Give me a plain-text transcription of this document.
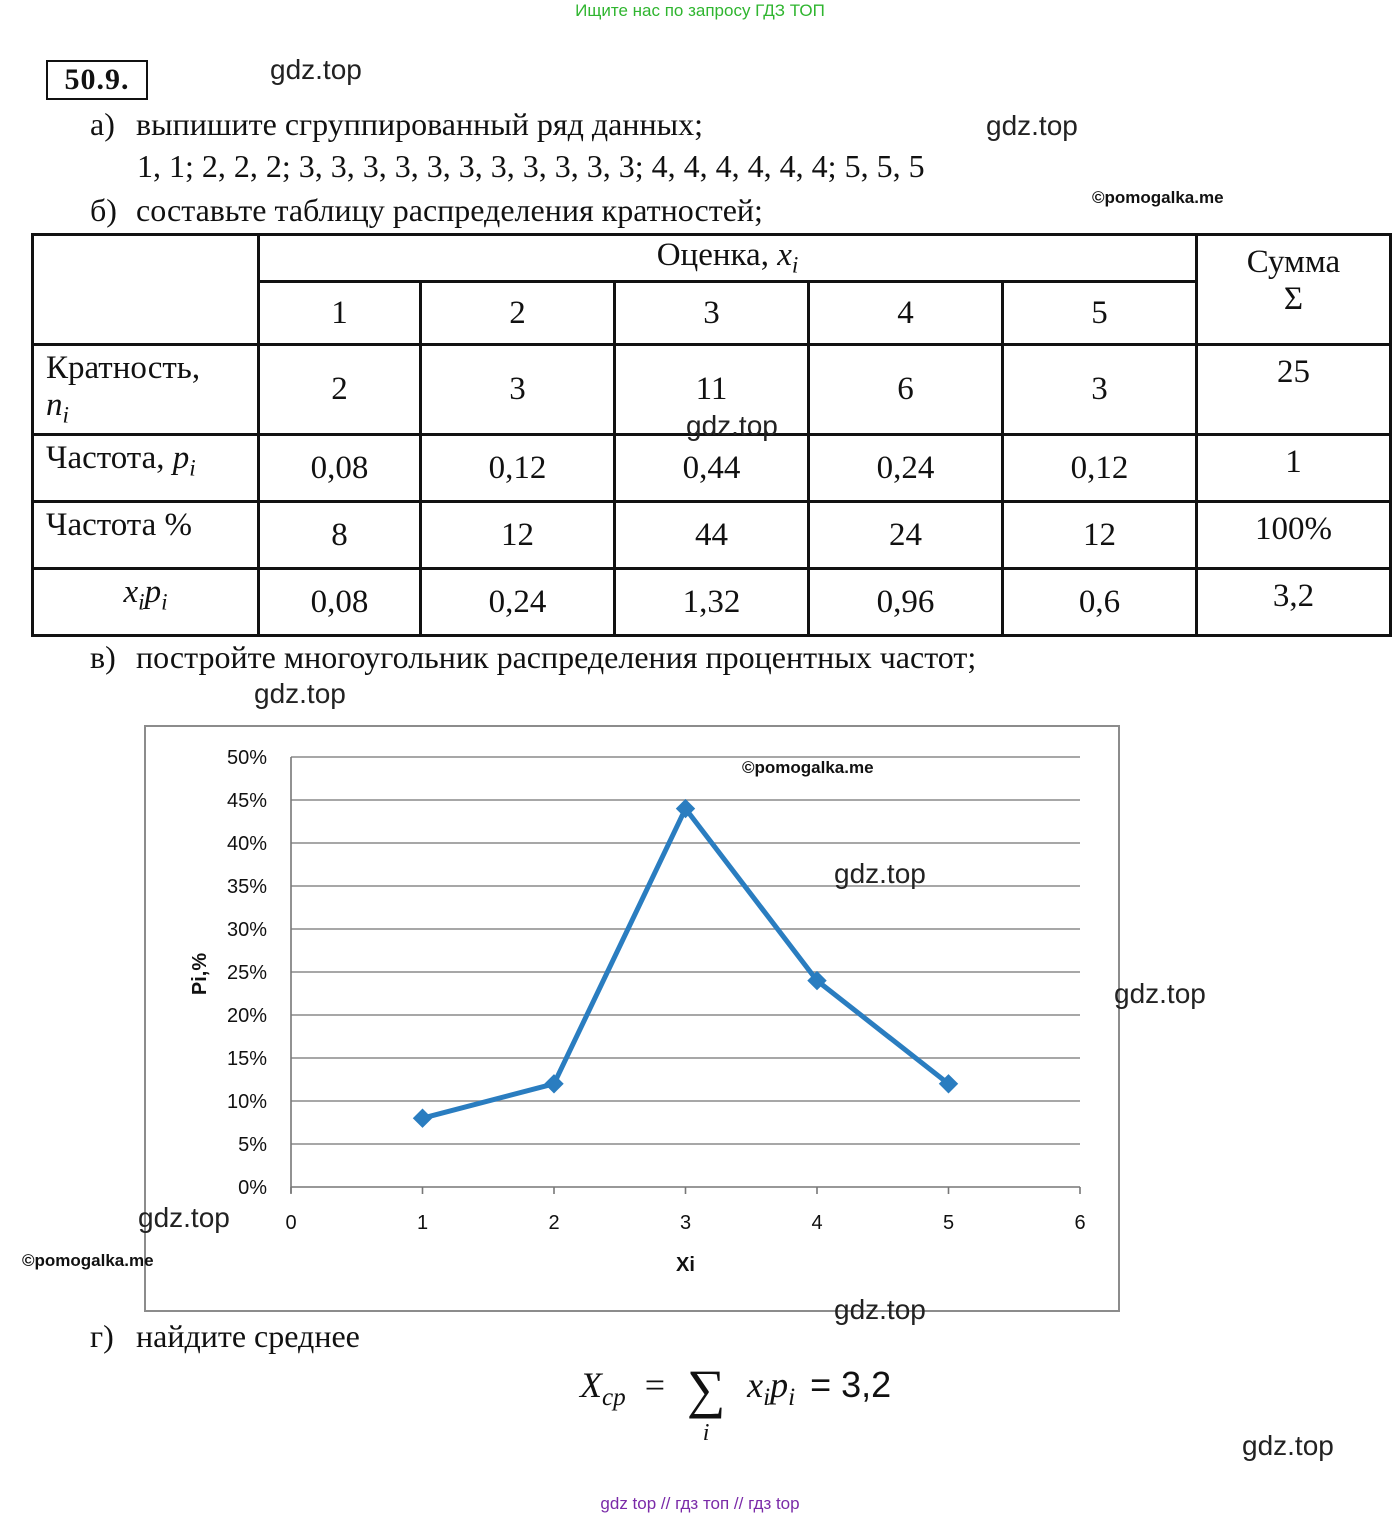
Ищите нас по запросу ГДЗ ТОП
50.9.	gdz.top
gdz.top
©pomogalka.me
а) выпишите сгруппированный ряд данных;
1, 1; 2, 2, 2; 3, 3, 3, 3, 3, 3, 3, 3, 3, 3, 3; 4, 4, 4, 4, 4, 4; 5, 5, 5
б) составьте таблицу распределения кратностей;
	Оценка, $x_i$					Сумма
Σ

	1	2	3	4	5	

Кратность,
$n_i$	2	3	11	6	3	25
Частота, $p_i$	0,08	0,12	0,44	0,24	0,12	1
Частота %	8	12	44	24	12	100%
$x_ip_i$	0,08	0,24	1,32	0,96	0,6	3,2
gdz.top
в) постройте многоугольник распределения процентных частот;
gdz.top
0%
5%
10%
15%
20%
25%
30%
35%
40%
45%
50%
0	1	2	3	4	5	6
Xi
Pi,%
©pomogalka.me
gdz.top
gdz.top
gdz.top
©pomogalka.me
gdz.top
г) найдите среднее
$X_{ср}$ = ∑
i
$x_ip_i = 3,2$
gdz.top
gdz top // гдз топ // гдз top
